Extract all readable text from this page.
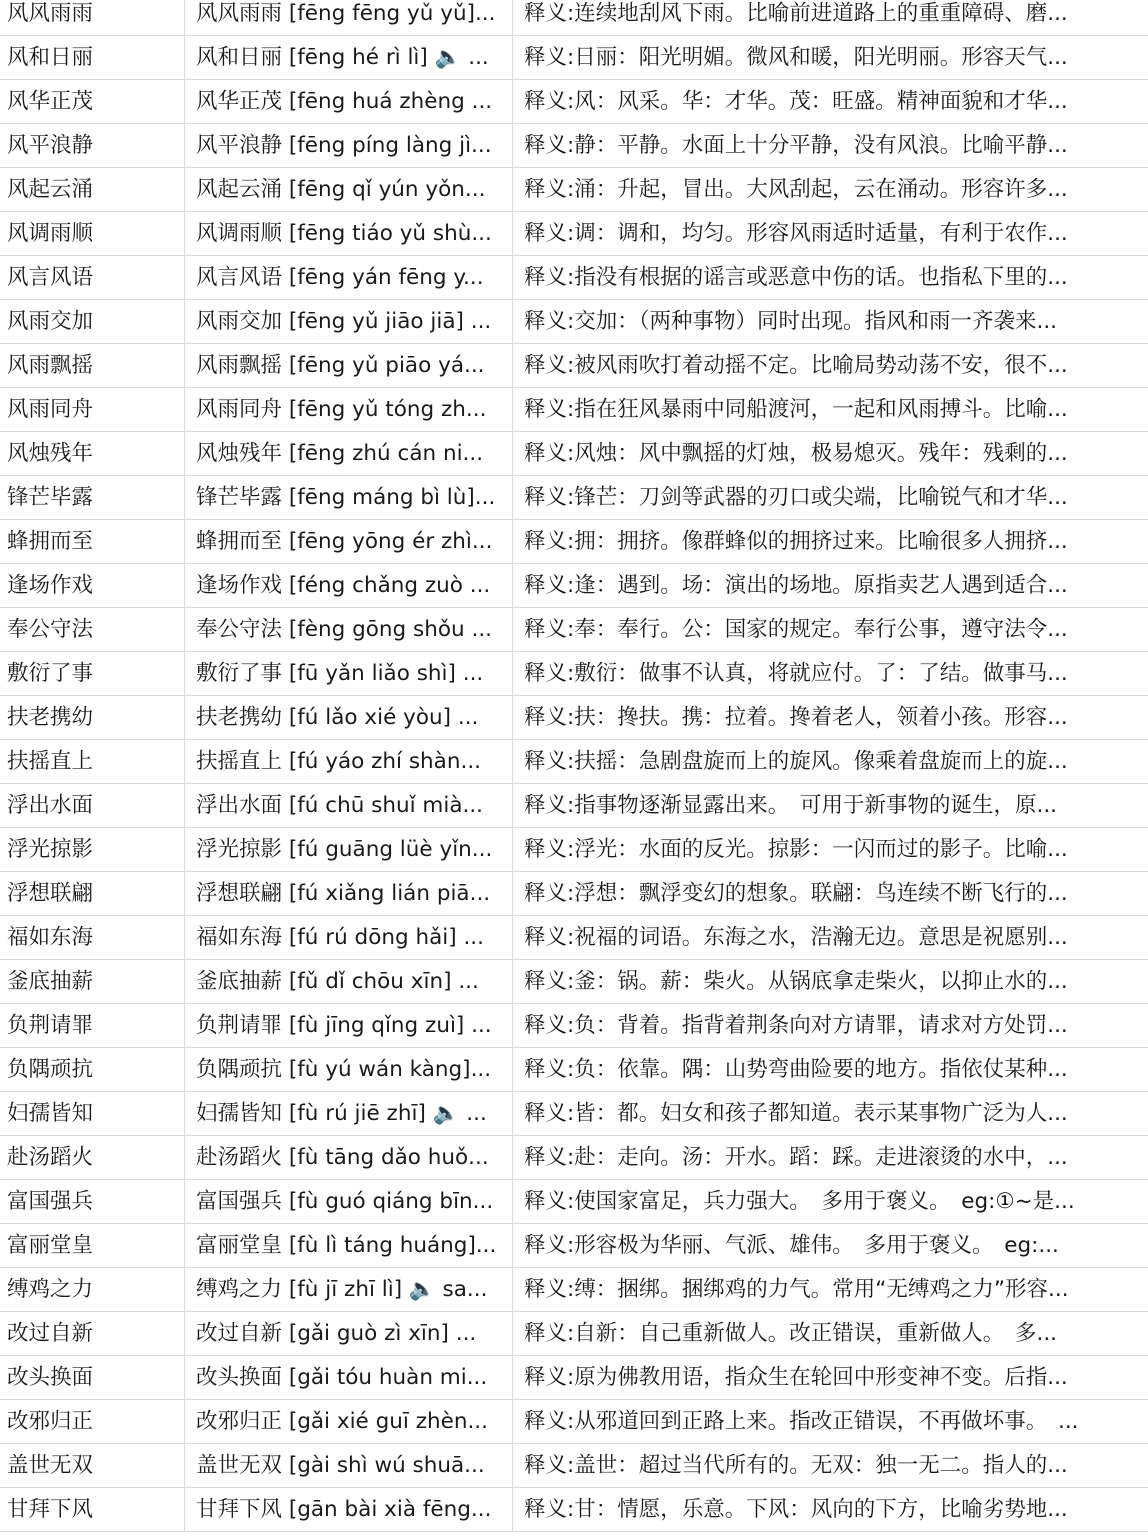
风风雨雨	风风雨雨 [fēng fēng yǔ yǔ]...	释义:连续地刮风下雨。比喻前进道路上的重重障碍、磨...
风和日丽	风和日丽 [fēng hé rì lì] 🔈 ...	释义:日丽：阳光明媚。微风和暖，阳光明丽。形容天气...
风华正茂	风华正茂 [fēng huá zhèng ...	释义:风：风采。华：才华。茂：旺盛。精神面貌和才华...
风平浪静	风平浪静 [fēng píng làng jì...	释义:静：平静。水面上十分平静，没有风浪。比喻平静...
风起云涌	风起云涌 [fēng qǐ yún yǒn...	释义:涌：升起，冒出。大风刮起，云在涌动。形容许多...
风调雨顺	风调雨顺 [fēng tiáo yǔ shù...	释义:调：调和，均匀。形容风雨适时适量，有利于农作...
风言风语	风言风语 [fēng yán fēng y...	释义:指没有根据的谣言或恶意中伤的话。也指私下里的...
风雨交加	风雨交加 [fēng yǔ jiāo jiā] ...	释义:交加：（两种事物）同时出现。指风和雨一齐袭来...
风雨飘摇	风雨飘摇 [fēng yǔ piāo yá...	释义:被风雨吹打着动摇不定。比喻局势动荡不安，很不...
风雨同舟	风雨同舟 [fēng yǔ tóng zh...	释义:指在狂风暴雨中同船渡河，一起和风雨搏斗。比喻...
风烛残年	风烛残年 [fēng zhú cán ni...	释义:风烛：风中飘摇的灯烛，极易熄灭。残年：残剩的...
锋芒毕露	锋芒毕露 [fēng máng bì lù]...	释义:锋芒：刀剑等武器的刃口或尖端，比喻锐气和才华...
蜂拥而至	蜂拥而至 [fēng yōng ér zhì...	释义:拥：拥挤。像群蜂似的拥挤过来。比喻很多人拥挤...
逢场作戏	逢场作戏 [féng chǎng zuò ...	释义:逢：遇到。场：演出的场地。原指卖艺人遇到适合...
奉公守法	奉公守法 [fèng gōng shǒu ...	释义:奉：奉行。公：国家的规定。奉行公事，遵守法令...
敷衍了事	敷衍了事 [fū yǎn liǎo shì] ...	释义:敷衍：做事不认真，将就应付。了：了结。做事马...
扶老携幼	扶老携幼 [fú lǎo xié yòu] ...	释义:扶：搀扶。携：拉着。搀着老人，领着小孩。形容...
扶摇直上	扶摇直上 [fú yáo zhí shàn...	释义:扶摇：急剧盘旋而上的旋风。像乘着盘旋而上的旋...
浮出水面	浮出水面 [fú chū shuǐ mià...	释义:指事物逐渐显露出来。　可用于新事物的诞生，原...
浮光掠影	浮光掠影 [fú guāng lüè yǐn...	释义:浮光：水面的反光。掠影：一闪而过的影子。比喻...
浮想联翩	浮想联翩 [fú xiǎng lián piā...	释义:浮想：飘浮变幻的想象。联翩：鸟连续不断飞行的...
福如东海	福如东海 [fú rú dōng hǎi] ...	释义:祝福的词语。东海之水，浩瀚无边。意思是祝愿别...
釜底抽薪	釜底抽薪 [fǔ dǐ chōu xīn] ...	释义:釜：锅。薪：柴火。从锅底拿走柴火，以抑止水的...
负荆请罪	负荆请罪 [fù jīng qǐng zuì] ...	释义:负：背着。指背着荆条向对方请罪，请求对方处罚...
负隅顽抗	负隅顽抗 [fù yú wán kàng]...	释义:负：依靠。隅：山势弯曲险要的地方。指依仗某种...
妇孺皆知	妇孺皆知 [fù rú jiē zhī] 🔈 ...	释义:皆：都。妇女和孩子都知道。表示某事物广泛为人...
赴汤蹈火	赴汤蹈火 [fù tāng dǎo huǒ...	释义:赴：走向。汤：开水。蹈：踩。走进滚烫的水中，...
富国强兵	富国强兵 [fù guó qiáng bīn...	释义:使国家富足，兵力强大。　多用于褒义。　eg:①~是...
富丽堂皇	富丽堂皇 [fù lì táng huáng]...	释义:形容极为华丽、气派、雄伟。　多用于褒义。　eg:...
缚鸡之力	缚鸡之力 [fù jī zhī lì] 🔈 sa...	释义:缚：捆绑。捆绑鸡的力气。常用“无缚鸡之力”形容...
改过自新	改过自新 [gǎi guò zì xīn] ...	释义:自新：自己重新做人。改正错误，重新做人。　多...
改头换面	改头换面 [gǎi tóu huàn mi...	释义:原为佛教用语，指众生在轮回中形变神不变。后指...
改邪归正	改邪归正 [gǎi xié guī zhèn...	释义:从邪道回到正路上来。指改正错误，不再做坏事。　...
盖世无双	盖世无双 [gài shì wú shuā...	释义:盖世：超过当代所有的。无双：独一无二。指人的...
甘拜下风	甘拜下风 [gān bài xià fēng...	释义:甘：情愿，乐意。下风：风向的下方，比喻劣势地...
